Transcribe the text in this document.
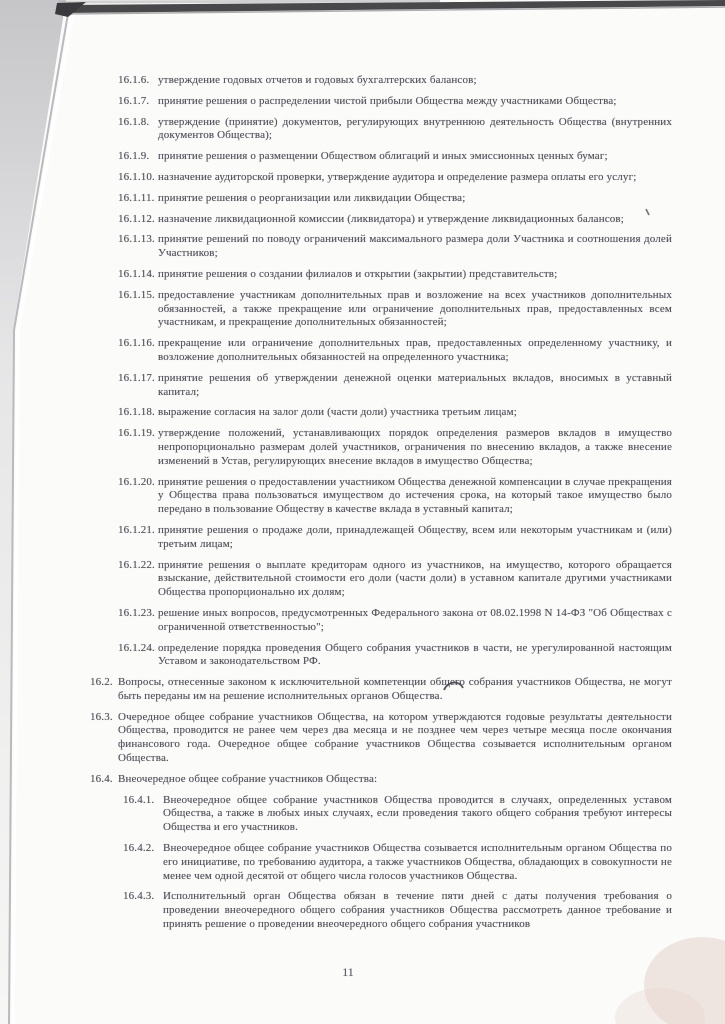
16.1.6. утверждение годовых отчетов и годовых бухгалтерских балансов;
16.1.7. принятие решения о распределении чистой прибыли Общества между участниками Общества;
16.1.8. утверждение (принятие) документов, регулирующих внутреннюю деятельность Общества (внутренних документов Общества);
16.1.9. принятие решения о размещении Обществом облигаций и иных эмиссионных ценных бумаг;
16.1.10. назначение аудиторской проверки, утверждение аудитора и определение размера оплаты его услуг;
16.1.11. принятие решения о реорганизации или ликвидации Общества;
16.1.12. назначение ликвидационной комиссии (ликвидатора) и утверждение ликвидационных балансов;
16.1.13. принятие решений по поводу ограничений максимального размера доли Участника и соотношения долей Участников;
16.1.14. принятие решения о создании филиалов и открытии (закрытии) представительств;
16.1.15. предоставление участникам дополнительных прав и возложение на всех участников дополнительных обязанностей, а также прекращение или ограничение дополнительных прав, предоставленных всем участникам, и прекращение дополнительных обязанностей;
16.1.16. прекращение или ограничение дополнительных прав, предоставленных определенному участнику, и возложение дополнительных обязанностей на определенного участника;
16.1.17. принятие решения об утверждении денежной оценки материальных вкладов, вносимых в уставный капитал;
16.1.18. выражение согласия на залог доли (части доли) участника третьим лицам;
16.1.19. утверждение положений, устанавливающих порядок определения размеров вкладов в имущество непропорционально размерам долей участников, ограничения по внесению вкладов, а также внесение изменений в Устав, регулирующих внесение вкладов в имущество Общества;
16.1.20. принятие решения о предоставлении участником Общества денежной компенсации в случае прекращения у Общества права пользоваться имуществом до истечения срока, на который такое имущество было передано в пользование Обществу в качестве вклада в уставный капитал;
16.1.21. принятие решения о продаже доли, принадлежащей Обществу, всем или некоторым участникам и (или) третьим лицам;
16.1.22. принятие решения о выплате кредиторам одного из участников, на имущество, которого обращается взыскание, действительной стоимости его доли (части доли) в уставном капитале другими участниками Общества пропорционально их долям;
16.1.23. решение иных вопросов, предусмотренных Федерального закона от 08.02.1998 N 14-ФЗ "Об Обществах с ограниченной ответственностью";
16.1.24. определение порядка проведения Общего собрания участников в части, не урегулированной настоящим Уставом и законодательством РФ.
16.2. Вопросы, отнесенные законом к исключительной компетенции общего собрания участников Общества, не могут быть переданы им на решение исполнительных органов Общества.
16.3. Очередное общее собрание участников Общества, на котором утверждаются годовые результаты деятельности Общества, проводится не ранее чем через два месяца и не позднее чем через четыре месяца после окончания финансового года. Очередное общее собрание участников Общества созывается исполнительным органом Общества.
16.4. Внеочередное общее собрание участников Общества:
16.4.1. Внеочередное общее собрание участников Общества проводится в случаях, определенных уставом Общества, а также в любых иных случаях, если проведения такого общего собрания требуют интересы Общества и его участников.
16.4.2. Внеочередное общее собрание участников Общества созывается исполнительным органом Общества по его инициативе, по требованию аудитора, а также участников Общества, обладающих в совокупности не менее чем одной десятой от общего числа голосов участников Общества.
16.4.3. Исполнительный орган Общества обязан в течение пяти дней с даты получения требования о проведении внеочередного общего собрания участников Общества рассмотреть данное требование и принять решение о проведении внеочередного общего собрания участников
11
